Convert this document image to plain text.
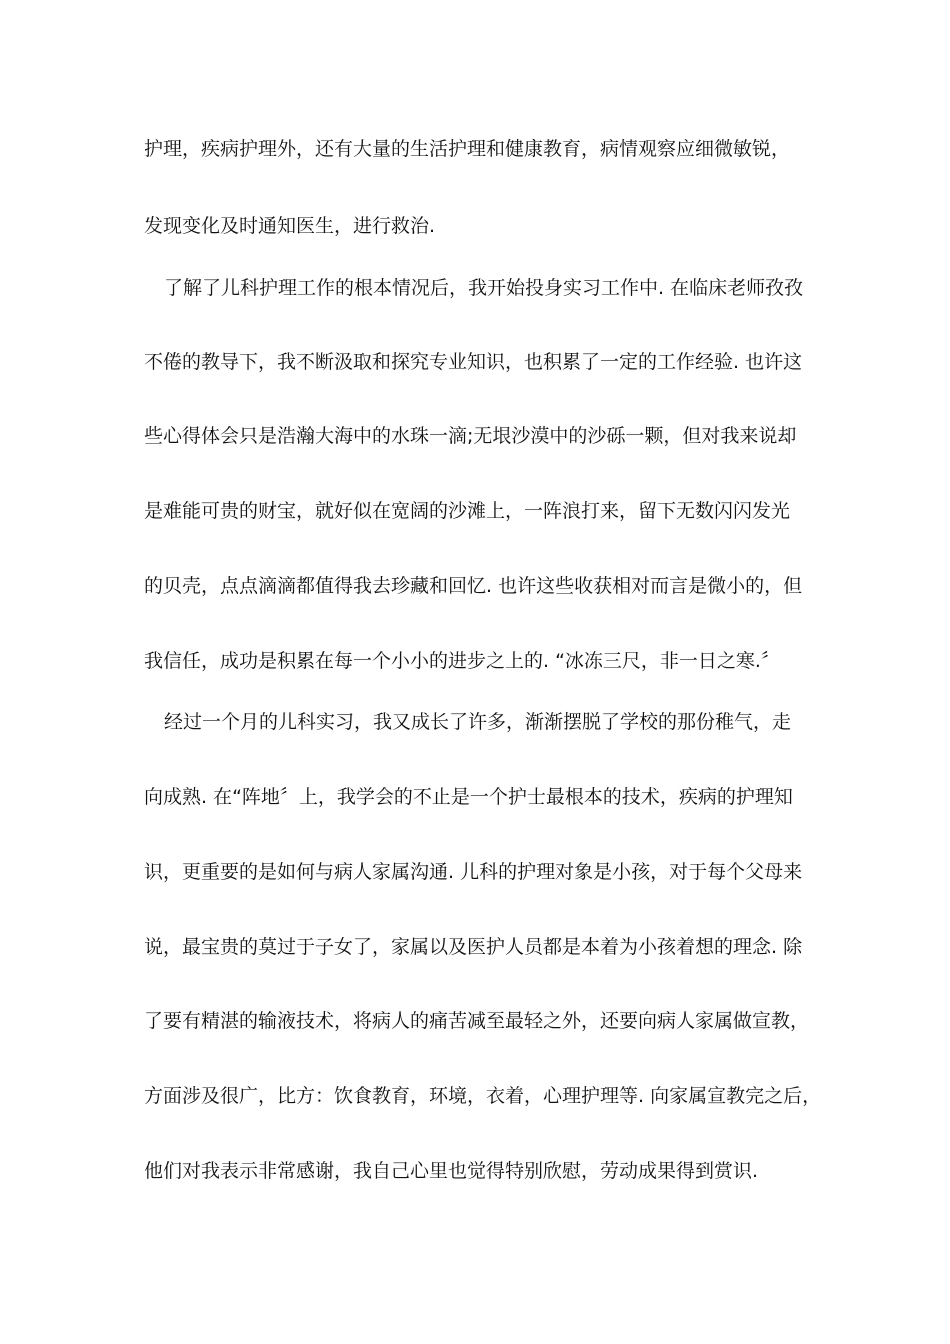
护理，疾病护理外，还有大量的生活护理和健康教育，病情观察应细微敏锐，
发现变化及时通知医生，进行救治.
了解了儿科护理工作的根本情况后，我开始投身实习工作中. 在临床老师孜孜
不倦的教导下，我不断汲取和探究专业知识，也积累了一定的工作经验. 也许这
些心得体会只是浩瀚大海中的水珠一滴;无垠沙漠中的沙砾一颗，但对我来说却
是难能可贵的财宝，就好似在宽阔的沙滩上，一阵浪打来，留下无数闪闪发光
的贝壳，点点滴滴都值得我去珍藏和回忆. 也许这些收获相对而言是微小的，但
我信任，成功是积累在每一个小小的进步之上的. “冰冻三尺，非一日之寒.〞
经过一个月的儿科实习，我又成长了许多，渐渐摆脱了学校的那份稚气，走
向成熟. 在“阵地〞上，我学会的不止是一个护士最根本的技术，疾病的护理知
识，更重要的是如何与病人家属沟通. 儿科的护理对象是小孩，对于每个父母来
说，最宝贵的莫过于子女了，家属以及医护人员都是本着为小孩着想的理念. 除
了要有精湛的输液技术，将病人的痛苦减至最轻之外，还要向病人家属做宣教，
方面涉及很广，比方：饮食教育，环境，衣着，心理护理等. 向家属宣教完之后，
他们对我表示非常感谢，我自己心里也觉得特别欣慰，劳动成果得到赏识.
